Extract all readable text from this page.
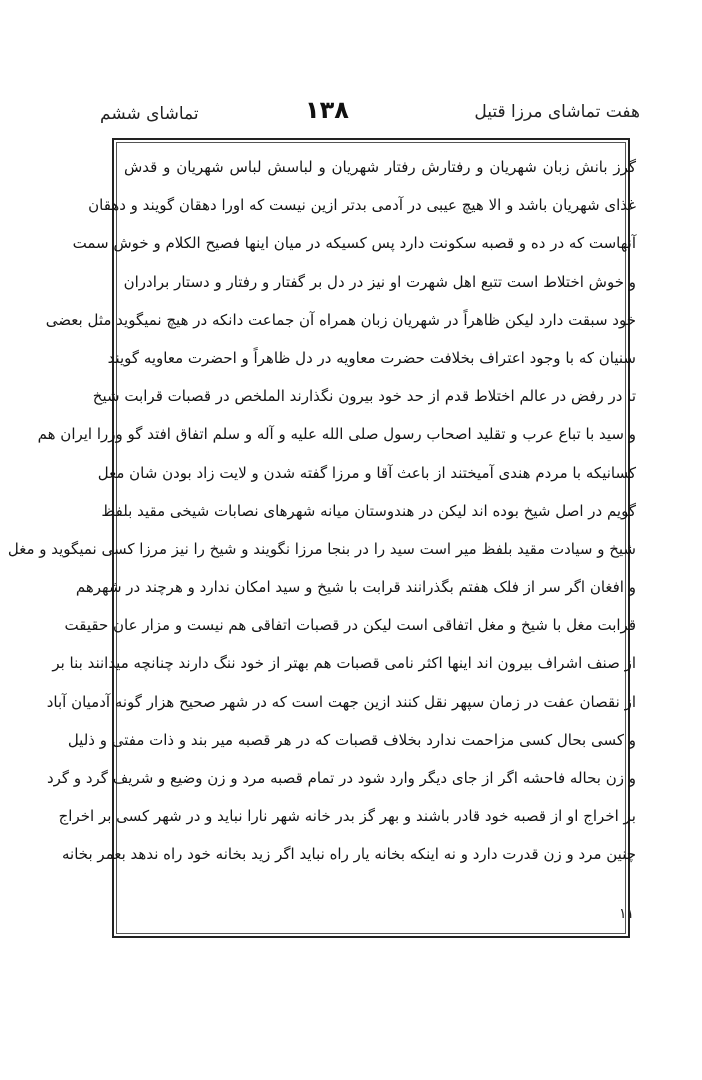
هفت تماشای مرزا قتیل
۱۳۸
تماشای ششم
گرز بانش زبان شهریان و رفتارش رفتار شهریان و لباسش لباس شهریان و قدش
غذای شهریان باشد و الا هیچ عیبی در آدمی بدتر ازین نیست که اورا دهقان گویند و دهقان
آنهاست که در ده و قصبه سکونت دارد پس کسیکه در میان اینها فصیح الکلام و خوش سمت
و خوش اختلاط است تتبع اهل شهرت او نیز در دل بر گفتار و رفتار و دستار برادران
خود سبقت دارد لیکن ظاهراً در شهریان زبان همراه آن جماعت دانکه در هیچ نمیگوید مثل بعضی
سنیان که با وجود اعتراف بخلافت حضرت معاویه در دل ظاهراً و احضرت معاویه گویند
تا در رفض در عالم اختلاط قدم از حد خود بیرون نگذارند الملخص در قصبات قرابت شیخ
و سید با تباع عرب و تقلید اصحاب رسول صلی الله علیه و آله و سلم اتفاق افتد گو وزرا ایران هم
کسانیکه با مردم هندی آمیختند از باعث آقا و مرزا گفته شدن و لایت زاد بودن شان مغل
گویم در اصل شیخ بوده اند لیکن در هندوستان میانه شهرهای نصابات شیخی مقید بلفظ
شیخ و سیادت مقید بلفظ میر است سید را در بنجا مرزا نگویند و شیخ را نیز مرزا کسی نمیگوید و مغل
و افغان اگر سر از فلک هفتم بگذرانند قرابت با شیخ و سید امکان ندارد و هرچند در شهرهم
قرابت مغل با شیخ و مغل اتفاقی است لیکن در قصبات اتفاقی هم نیست و مزار عان حقیقت
از صنف اشراف بیرون اند اینها اکثر نامی قصبات هم بهتر از خود ننگ دارند چنانچه میدانند بنا بر
از نقصان عفت در زمان سپهر نقل کنند ازین جهت است که در شهر صحیح هزار گونه آدمیان آباد
و کسی بحال کسی مزاحمت ندارد بخلاف قصبات که در هر قصبه میر بند و ذات مفتی و ذلیل
و زن بحاله فاحشه اگر از جای دیگر وارد شود در تمام قصبه مرد و زن وضیع و شریف گرد و گرد
بر اخراج او از قصبه خود قادر باشند و بهر گز بدر خانه شهر نارا نباید و در شهر کسی بر اخراج
چنین مرد و زن قدرت دارد و نه اینکه بخانه یار راه نباید اگر زید بخانه خود راه ندهد بعمر بخانه
۱۱
